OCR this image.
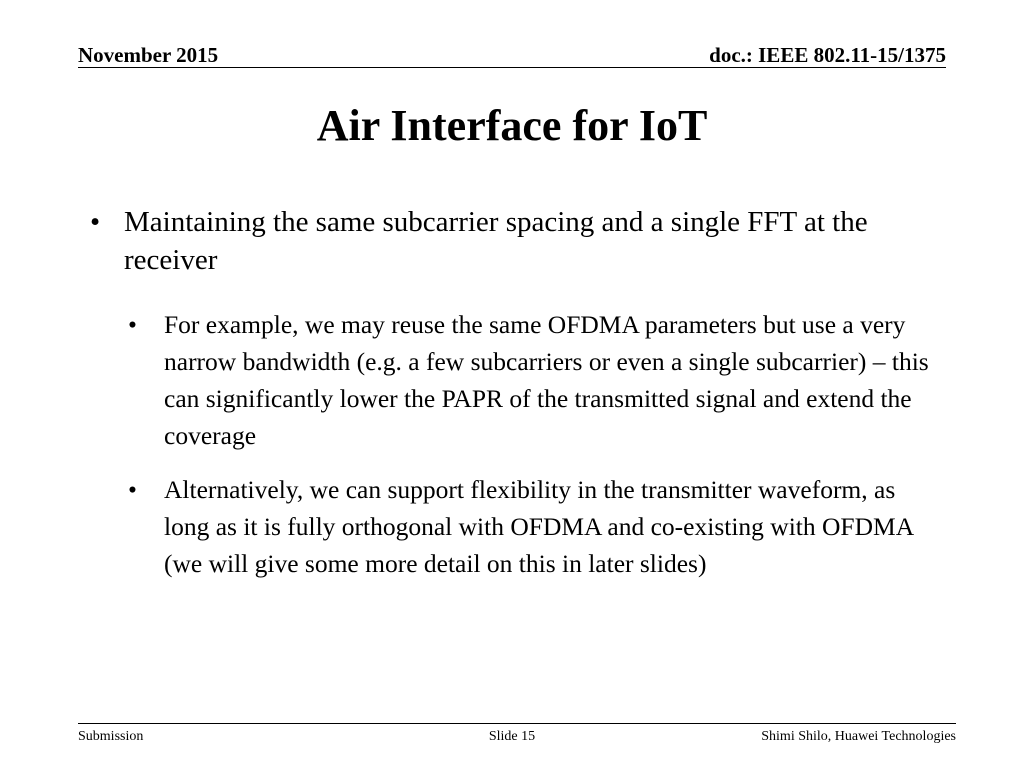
November 2015	doc.: IEEE 802.11-15/1375
Air Interface for IoT
• Maintaining the same subcarrier spacing and a single FFT at the receiver
• For example, we may reuse the same OFDMA parameters but use a very narrow bandwidth (e.g. a few subcarriers or even a single subcarrier) – this can significantly lower the PAPR of the transmitted signal and extend the coverage
• Alternatively, we can support flexibility in the transmitter waveform, as long as it is fully orthogonal with OFDMA and co-existing with OFDMA (we will give some more detail on this in later slides)
Submission	Slide 15	Shimi Shilo, Huawei Technologies
